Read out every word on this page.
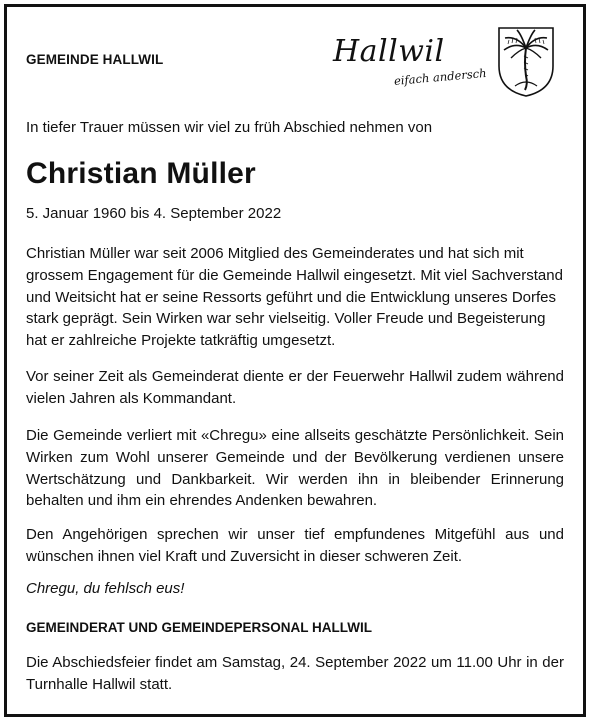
GEMEINDE HALLWIL	Hallwil
eifach andersch
In tiefer Trauer müssen wir viel zu früh Abschied nehmen von
Christian Müller
5. Januar 1960 bis 4. September 2022

Christian Müller war seit 2006 Mitglied des Gemeinderates und hat sich mit grossem Engagement für die Gemeinde Hallwil eingesetzt. Mit viel Sachverstand und Weitsicht hat er seine Ressorts geführt und die Entwicklung unseres Dorfes stark geprägt. Sein Wirken war sehr vielseitig. Voller Freude und Begeisterung hat er zahlreiche Projekte tatkräftig umgesetzt.

Vor seiner Zeit als Gemeinderat diente er der Feuerwehr Hallwil zudem während vielen Jahren als Kommandant.

Die Gemeinde verliert mit «Chregu» eine allseits geschätzte Persönlichkeit. Sein Wirken zum Wohl unserer Gemeinde und der Bevölkerung verdienen unsere Wertschätzung und Dankbarkeit. Wir werden ihn in bleibender Erinnerung behalten und ihm ein ehrendes Andenken bewahren.

Den Angehörigen sprechen wir unser tief empfundenes Mitgefühl aus und wünschen ihnen viel Kraft und Zuversicht in dieser schweren Zeit.

Chregu, du fehlsch eus!
GEMEINDERAT UND GEMEINDEPERSONAL HALLWIL

Die Abschiedsfeier findet am Samstag, 24. September 2022 um 11.00 Uhr in der Turnhalle Hallwil statt.
